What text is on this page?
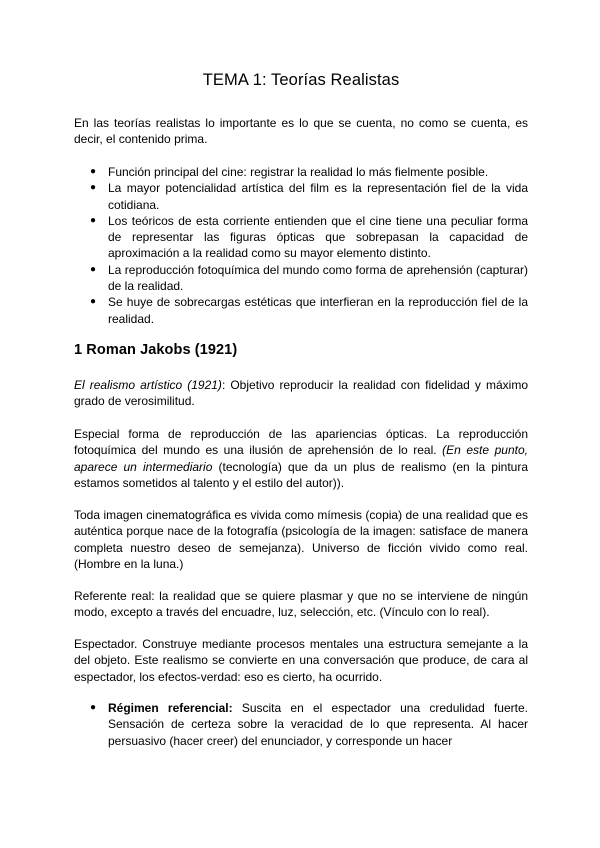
TEMA 1: Teorías Realistas
En las teorías realistas lo importante es lo que se cuenta, no como se cuenta, es decir, el contenido prima.
● Función principal del cine: registrar la realidad lo más fielmente posible.
● La mayor potencialidad artística del film es la representación fiel de la vida cotidiana.
● Los teóricos de esta corriente entienden que el cine tiene una peculiar forma de representar las figuras ópticas que sobrepasan la capacidad de aproximación a la realidad como su mayor elemento distinto.
● La reproducción fotoquímica del mundo como forma de aprehensión (capturar) de la realidad.
● Se huye de sobrecargas estéticas que interfieran en la reproducción fiel de la realidad.
1 Roman Jakobs (1921)
El realismo artístico (1921): Objetivo reproducir la realidad con fidelidad y máximo grado de verosimilitud.
Especial forma de reproducción de las apariencias ópticas. La reproducción fotoquímica del mundo es una ilusión de aprehensión de lo real. (En este punto, aparece un intermediario (tecnología) que da un plus de realismo (en la pintura estamos sometidos al talento y el estilo del autor)).
Toda imagen cinematográfica es vivida como mímesis (copia) de una realidad que es auténtica porque nace de la fotografía (psicología de la imagen: satisface de manera completa nuestro deseo de semejanza). Universo de ficción vivido como real. (Hombre en la luna.)
Referente real: la realidad que se quiere plasmar y que no se interviene de ningún modo, excepto a través del encuadre, luz, selección, etc. (Vínculo con lo real).
Espectador. Construye mediante procesos mentales una estructura semejante a la del objeto. Este realismo se convierte en una conversación que produce, de cara al espectador, los efectos-verdad: eso es cierto, ha ocurrido.
● Régimen referencial: Suscita en el espectador una credulidad fuerte. Sensación de certeza sobre la veracidad de lo que representa. Al hacer persuasivo (hacer creer) del enunciador, y corresponde un hacer
